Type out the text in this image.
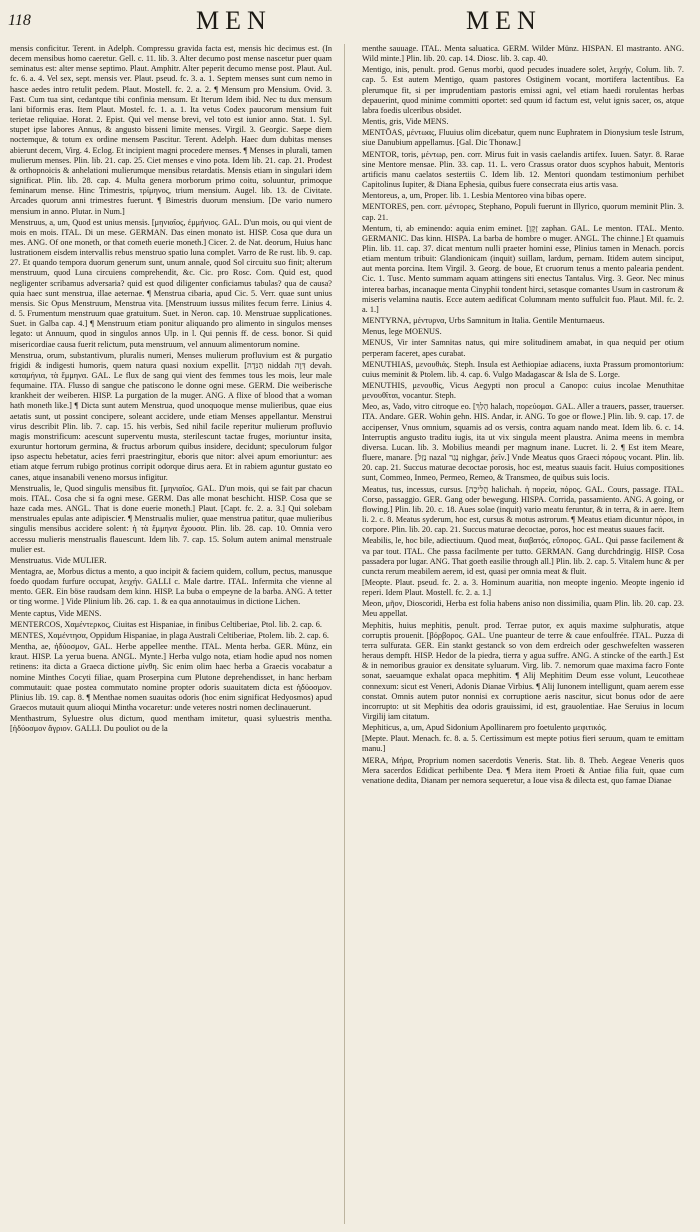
118	MEN	MEN

mensis conficitur. Terent. in Adelph. Compressu gravida facta est, mensis hic decimus est. (In decem mensibus homo caeretur. Gell. c. 11. lib. 3. Alter decumo post mense nascetur puer quam seminatus est: alter mense septimo. Plaut. Amphitr. Alter peperit decumo mense post. Plaut. Aul. fc. 6. a. 4. Vel sex, sept. mensis ver. Plaut. pseud. fc. 3. a. 1. Septem menses sunt cum nemo in hasce aedes intro retulit pedem. Plaut. Mostell. fc. 2. a. 2. ¶ Mensum pro Mensium. Ovid. 3. Fast. Cum tua sint, cedantque tibi confinia mensum. Et Iterum Idem ibid. Nec tu dux mensum lani biformis eras. Item Plaut. Mostel. fc. 1. a. 1. Ita vetus Codex paucorum mensium fuit terietae reliquiae. Horat. 2. Epist. Qui vel mense brevi, vel toto est iunior anno. Stat. 1. Syl. stupet ipse labores Annus, & angusto bisseni limite menses. Virgil. 3. Georgic. Saepe diem noctemque, & totum ex ordine mensem Pascitur. Terent. Adelph. Haec dum dubitas menses abierunt decem, Virg. 4. Eclog. Et incipient magni procedere menses. ¶ Menses in plurali, tamen mulierum menses. Plin. lib. 21. cap. 25. Ciet menses e vino pota. Idem lib. 21. cap. 21. Prodest & orthopnoicis & anhelationi mulierumque mensibus retardatis. Mensis etiam in singulari idem significat. Plin. lib. 28. cap. 4. Multa genera morborum primo coitu, soluuntur, primoque feminarum mense. Hinc Trimestris, τρίμηνος, trium mensium. Augel. lib. 13. de Civitate. Arcades quorum anni trimestres fuerunt. ¶ Bimestris duorum mensium. [De vario numero mensium in anno. Plutar. in Num.]

Menstruus, a, um, Quod est unius mensis. [μηνιαῖος, ἐμμήνιος. GAL. D'un mois, ou qui vient de mois en mois. ITAL. Di un mese. GERMAN. Das einen monato ist. HISP. Cosa que dura un mes. ANG. Of one moneth, or that cometh euerie moneth.] Cicer. 2. de Nat. deorum, Huius hanc lustrationem eisdem intervallis rebus menstruo spatio luna complet. Varro de Re rust. lib. 9. cap. 27. Et quando tempora duorum generum sunt, unum annale, quod Sol circuitu suo finit; alterum menstruum, quod Luna circuiens comprehendit, &c. Cic. pro Rosc. Com. Quid est, quod negligenter scribamus adversaria? quid est quod diligenter conficiamus tabulas? qua de causa? quia haec sunt menstrua, illae aeternae. ¶ Menstrua cibaria, apud Cic. 5. Verr. quae sunt unius mensis. Sic Opus Menstruum, Menstrua vita. [Menstruum iussus milites fecum ferre. Linius 4. d. 5. Frumentum menstruum quae gratuitum. Suet. in Neron. cap. 10. Menstruae supplicationes. Suet. in Galba cap. 4.] ¶ Menstruum etiam ponitur aliquando pro alimento in singulos menses legato: ut Annuum, quod in singulos annos Ulp. in l. Qui pennis ff. de cess. bonor. Si quid misericordiae causa fuerit relictum, puta menstruum, vel annuum alimentorum nomine.

Menstrua, orum, substantivum, pluralis numeri, Menses mulierum profluvium est & purgatio frigidi & indigesti humoris, quem natura quasi noxium expellit. [הַנִּדָה niddah דְּוָה devah. καταμήνια, τὰ ἔμμηνα. GAL. Le flux de sang qui vient des femmes tous les mois, leur male fequmaine. ITA. Flusso di sangue che patiscono le donne ogni mese. GERM. Die weiberische krankheit der weiberen. HISP. La purgation de la muger. ANG. A flixe of blood that a woman hath moneth like.] ¶ Dicta sunt autem Menstrua, quod unoquoque mense mulieribus, quae eius aetatis sunt, ut possint concipere, soleant accidere, unde etiam Menses appellantur. Menstrui virus describit Plin. lib. 7. cap. 15. his verbis, Sed nihil facile reperitur mulierum profluvio magis monstrificum: acescunt superventu musta, sterilescunt tactae fruges, moriuntur insita, exuruntur hortorum germina, & fructus arborum quibus insidere, decidunt; speculorum fulgor ipso aspectu hebetatur, acies ferri praestringitur, eboris que nitor: alvei apum emoriuntur: aes etiam atque ferrum rubigo protinus corripit odorque dirus aera. Et in rabiem aguntur gustato eo canes, atque insanabili veneno morsus infigitur.

Menstrualis, le, Quod singulis mensibus fit. [μηνιαῖος. GAL. D'un mois, qui se fait par chacun mois. ITAL. Cosa che si fa ogni mese. GERM. Das alle monat beschicht. HISP. Cosa que se haze cada mes. ANGL. That is done euerie moneth.] Plaut. [Capt. fc. 2. a. 3.] Qui solebam menstruales epulas ante adipiscier. ¶ Menstrualis mulier, quae menstrua patitur, quae mulieribus singulis mensibus accidere solent: ἡ τὰ ἔμμηνα ἔχουσα. Plin. lib. 28. cap. 10. Omnia vero accessu mulieris menstrualis flauescunt. Idem lib. 7. cap. 15. Solum autem animal menstruale mulier est.

Menstruatus. Vide MULIER.

Mentagra, ae, Morbus dictus a mento, a quo incipit & faciem quidem, collum, pectus, manusque foedo quodam furfure occupat, λειχήν. GALLI c. Male dartre. ITAL. Infermita che vienne al mento. GER. Ein böse raudsam dem kinn. HISP. La buba o empeyne de la barba. ANG. A tetter or ting worme. ] Vide Plinium lib. 26. cap. 1. & ea qua annotauimus in dictione Lichen.

Mente captus, Vide MENS.

MENTERCOS, Χαμέντερκος, Ciuitas est Hispaniae, in finibus Celtiberiae, Ptol. lib. 2. cap. 6.

MENTES, Χαμέντησα, Oppidum Hispaniae, in plaga Australi Celtiberiae, Ptolem. lib. 2. cap. 6.

Mentha, ae, ἡδύοσμον, GAL. Herbe appellee menthe. ITAL. Menta herba. GER. Münz, ein kraut. HISP. La yerua buena. ANGL. Mynte.] Herba vulgo nota, etiam hodie apud nos nomen retinens: ita dicta a Graeca dictione μίνθη. Sic enim olim haec herba a Graecis vocabatur a nomine Minthes Cocyti filiae, quam Proserpina cum Plutone deprehendisset, in hanc herbam commutauit: quae postea commutato nomine propter odoris suauitatem dicta est ἡδύοσμον. Plinius lib. 19. cap. 8. ¶ Menthae nomen suauitas odoris (hoc enim significat Hedyosmos) apud Graecos mutauit quum alioqui Mintha vocaretur: unde veteres nostri nomen declinauerunt.

Menthastrum, Syluestre olus dictum, quod mentham imitetur, quasi syluestris mentha. [ἡδύοσμον ἄγριον. GALLI. Du pouliot ou de la

menthe sauuage. ITAL. Menta saluatica. GERM. Wilder Münz. HISPAN. El mastranto. ANG. Wild minte.] Plin. lib. 20. cap. 14. Diosc. lib. 3. cap. 40.

Mentigo, inis, penult. prod. Genus morbi, quod pecudes inuadere solet, λειχήν, Colum. lib. 7. cap. 5. Est autem Mentigo, quam pastores Ostiginem vocant, mortifera lactentibus. Ea plerumque fit, si per imprudentiam pastoris emissi agni, vel etiam haedi rorulentas herbas depauerint, quod minime committi oportet: sed quum id factum est, velut ignis sacer, os, atque labra foedis ulceribus obsidet.

Mentis, gris, Vide MENS.

MENTŌAS, μέντωας, Fluuius olim dicebatur, quem nunc Euphratem in Dionysium tesle Istrum, siue Danubium appellamus. [Gal. Dic Thonaw.]

MENTOR, toris, μέντωρ, pen. corr. Mirus fuit in vasis caelandis artifex. Iuuen. Satyr. 8. Rarae sine Mentore mensae. Plin. 33. cap. 11. L. vero Crassus orator duos scyphos habuit, Mentoris artificis manu caelatos sestertiis C. Idem lib. 12. Mentori quondam testimonium perhibet Capitolinus Iupiter, & Diana Ephesia, quibus fuere consecrata eius artis vasa.

Mentoreus, a, um, Proper. lib. 1. Lesbia Mentoreo vina bibas opere.

MENTORES, pen. corr. μέντορες, Stephano, Populi fuerunt in Illyrico, quorum meminit Plin. 3. cap. 21.

Mentum, ti, ab eminendo: aquia enim eminet. [זָקָן zaphan. GAL. Le menton. ITAL. Mento. GERMANIC. Das kinn. HISPA. La barba de hombre o muger. ANGL. The chinne.] Et quamuis Plin. lib. 11. cap. 37. dicat mentum nulli praeter homini esse, Plinius tamen in Menach. porcis etiam mentum tribuit: Glandionicam (inquit) suillam, lardum, pernam. Itidem autem sinciput, aut menta porcina. Item Virgil. 3. Georg. de boue, Et cruorum tenus a mento palearia pendent. Cic. 1. Tusc. Mento summam aquam attingens siti enectus Tantalus. Virg. 3. Geor. Nec minus interea barbas, incanaque menta Cinyphii tondent hirci, setasque comantes Usum in castrorum & miseris velamina nautis. Ecce autem aedificat Columnam mento suffulcit fuo. Plaut. Mil. fc. 2. a. 1.]

MENTYRNA, μέντυρνα, Urbs Samnitum in Italia. Gentile Menturnaeus.

Menus, lege MOENUS.

MENUS, Vir inter Samnitas natus, qui mire solitudinem amabat, in qua nequid per otium perperam faceret, apes curabat.

MENUTHIAS, μενουθιάς. Steph. Insula est Aethiopiae adiacens, iuxta Prassum promontorium: cuius meminit & Ptolem. lib. 4. cap. 6. Vulgo Madagascar & Isla de S. Lorge.

MENUTHIS, μενουθίς, Vicus Aegypti non procul a Canopo: cuius incolae Menuthitae μενουθῖται, vocantur. Steph.

Meo, as, Vado, vitro citroque eo. [הָלַךְ halach, πορεύομαι. GAL. Aller a trauers, passer, trauerser. ITA. Andare. GER. Wohin gehn. HIS. Andar, ir. ANG. To goe or flowe.] Plin. lib. 9. cap. 17. de accipenser, Vnus omnium, squamis ad os versis, contra aquam nando meat. Idem lib. 6. c. 14. Interruptis angusto traditu iugis, ita ut vix singula meent plaustra. Anima meens in membra diversa. Lucan. lib. 3. Mobilius meandi per magnum inane. Lucret. li. 2. ¶ Est item Meare, fluere, manare. [נָזַל nazal נָגַר nighgar, ῥεῖν.] Vnde Meatus quos Graeci πόρους vocant. Plin. lib. 20. cap. 21. Succus maturae decoctae porosis, hoc est, meatus suauis facit. Huius compositiones sunt, Commeo, Inmeo, Permeo, Remeo, & Transmeo, de quibus suis locis.

Meatus, tus, incessus, cursus. [הֲלִיכָה halichah. ἡ πορεία, πόρος. GAL. Cours, passage. ITAL. Corso, passaggio. GER. Gang oder bewegung. HISPA. Corrida, passamiento. ANG. A going, or flowing.] Plin. lib. 20. c. 18. Aues solae (inquit) vario meatu feruntur, & in terra, & in aere. Item li. 2. c. 8. Meatus syderum, hoc est, cursus & motus astrorum. ¶ Meatus etiam dicuntur πόροι, in corpore. Plin. lib. 20. cap. 21. Succus maturae decoctae, poros, hoc est meatus suaues facit.

Meabilis, le, hoc bile, adiectiuum. Quod meat, διαβατός, εὔπορος. GAL. Qui passe facilement & va par tout. ITAL. Che passa facilmente per tutto. GERMAN. Gang durchdringig. HISP. Cosa passadera por lugar. ANG. That goeth easilie through all.] Plin. lib. 2. cap. 5. Vitalem hunc & per cuncta rerum meabilem aerem, id est, quasi per omnia meat & fluit.

[Meopte. Plaut. pseud. fc. 2. a. 3. Hominum auaritia, non meopte ingenio. Meopte ingenio id reperi. Idem Plaut. Mostell. fc. 2. a. 1.]

Meon, μῆον, Dioscoridi, Herba est folia habens aniso non dissimilia, quam Plin. lib. 20. cap. 23. Meu appellat.

Mephitis, huius mephitis, penult. prod. Terrae putor, ex aquis maxime sulphuratis, atque corruptis prouenit. [βόρβορος. GAL. Une puanteur de terre & caue enfoulfrée. ITAL. Puzza di terra sulfurata. GER. Ein stankt gestanck so von dem erdreich oder geschwefelten wasseren heraus dempft. HISP. Hedor de la piedra, tierra y agua suffre. ANG. A stincke of the earth.] Est & in nemoribus grauior ex densitate syluarum. Virg. lib. 7. nemorum quae maxima facro Fonte sonat, saeuamque exhalat opaca mephitim. ¶ Alij Mephitim Deum esse volunt, Leucotheae connexum: sicut est Veneri, Adonis Dianae Virbius. ¶ Alij Iunonem intelligunt, quam aerem esse constat. Omnis autem putor nonnisi ex corruptione aeris nascitur, sicut bonus odor de aere incorrupto: ut sit Mephitis dea odoris grauissimi, id est, grauolentiae. Hae Seruius in locum Virgilij iam citatum.

Mephiticus, a, um, Apud Sidonium Apollinarem pro foetulento μεφιτικός.

[Mepte. Plaut. Menach. fc. 8. a. 5. Certissimum est mepte potius fieri seruum, quam te emittam manu.]

MERA, Μήρα, Proprium nomen sacerdotis Veneris. Stat. lib. 8. Theb. Aegeae Veneris quos Mera sacerdos Edidicat perhibente Dea. ¶ Mera item Proeti & Antiae filia fuit, quae cum venatione dedita, Dianam per nemora sequeretur, a Ioue visa & dilecta est, quo famae Dianae
